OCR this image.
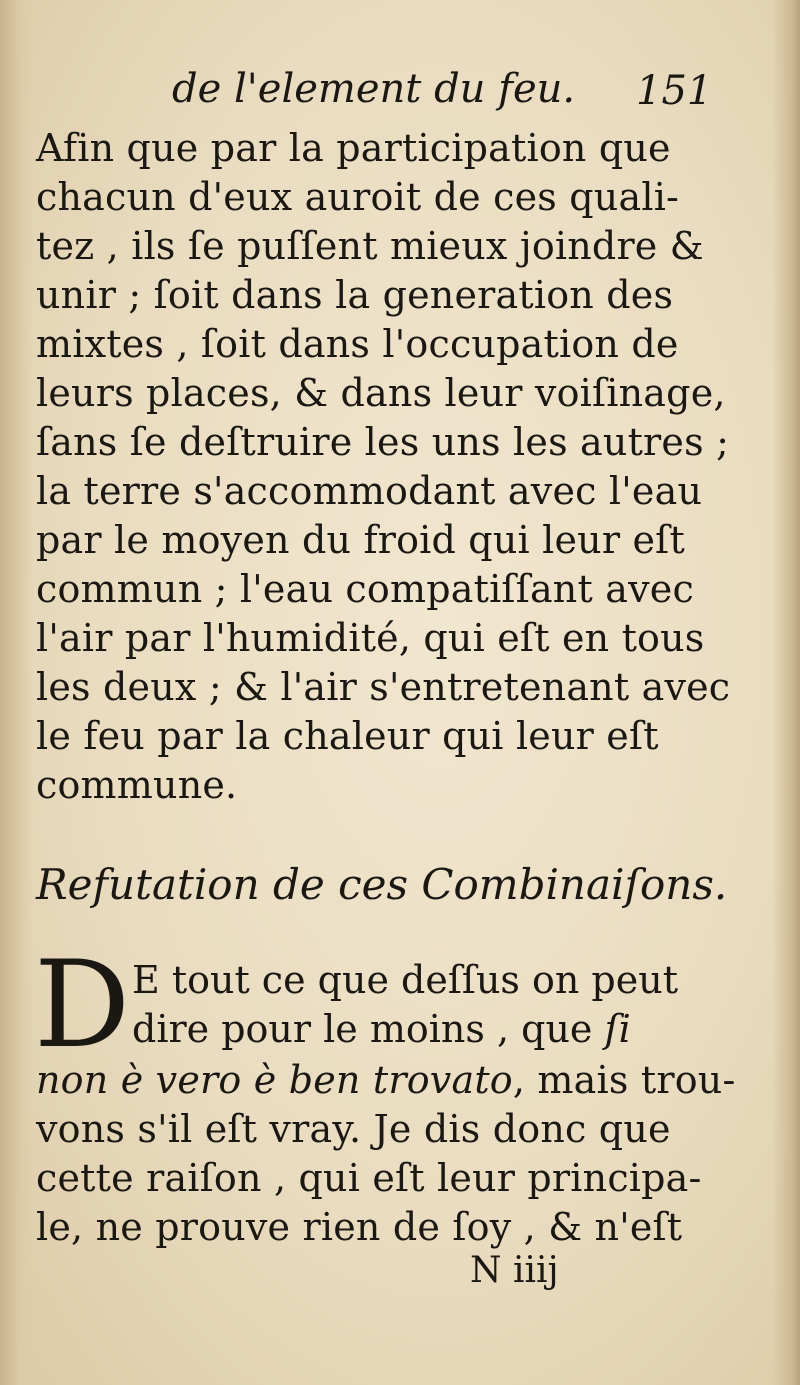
de l'element du feu. 151
Afin que par la participation que
chacun d'eux auroit de ces quali-
tez , ils ſe puſſent mieux joindre &
unir ; ſoit dans la generation des
mixtes , ſoit dans l'occupation de
leurs places, & dans leur voiſinage,
ſans ſe deſtruire les uns les autres ;
la terre s'accommodant avec l'eau
par le moyen du froid qui leur eſt
commun ; l'eau compatiſſant avec
l'air par l'humidité, qui eſt en tous
les deux ; & l'air s'entretenant avec
le feu par la chaleur qui leur eſt
commune.
Refutation de ces Combinaiſons.
D E tout ce que deſſus on peut
dire pour le moins , que ſi
non è vero è ben trovato, mais trou-
vons s'il eſt vray. Je dis donc que
cette raiſon , qui eſt leur principa-
le, ne prouve rien de ſoy , & n'eſt
N iiij
